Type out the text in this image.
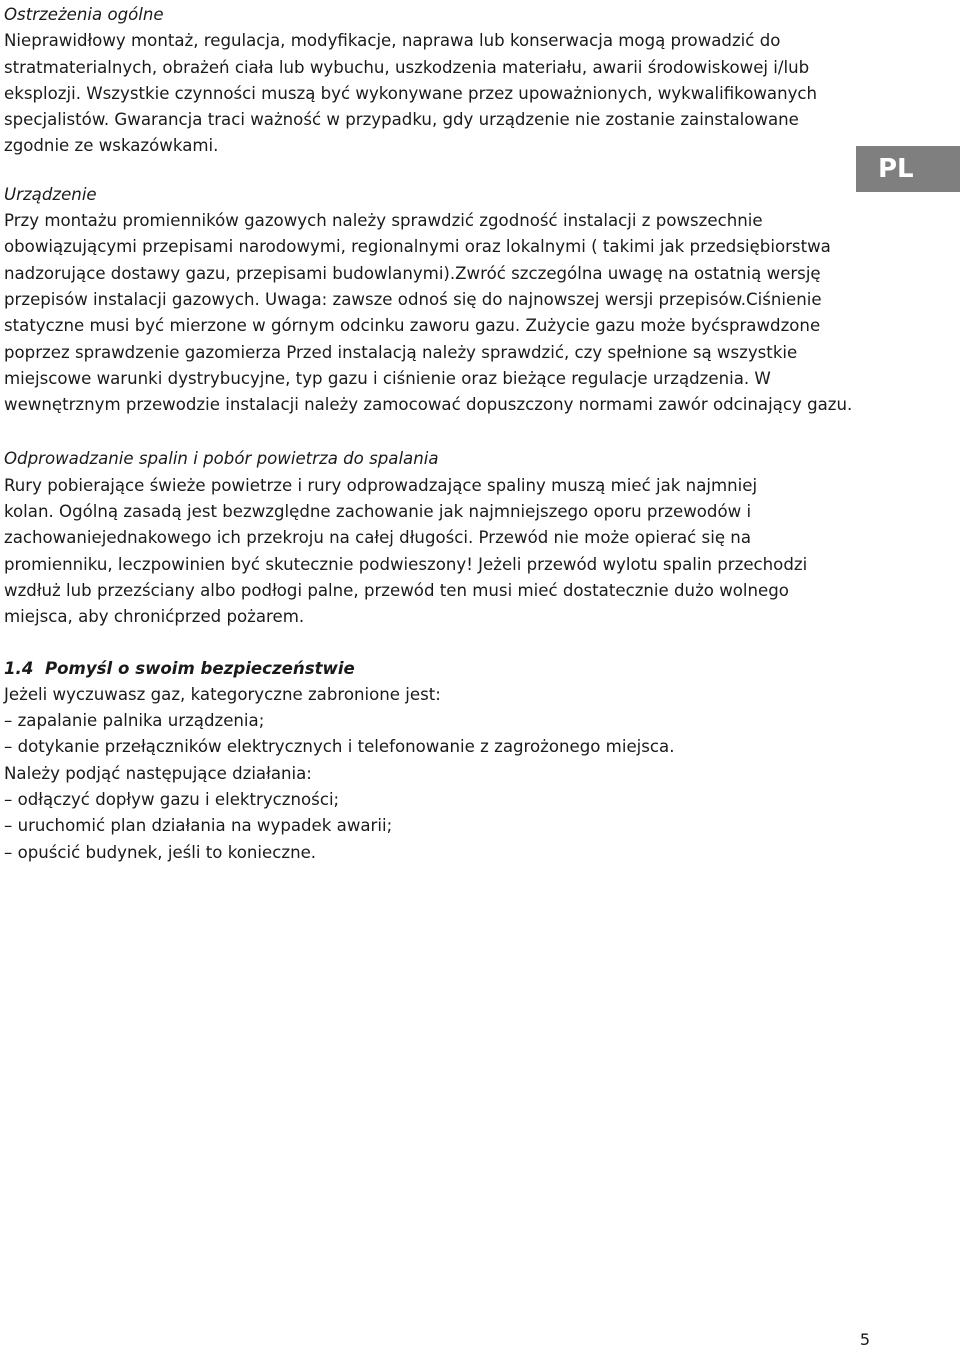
Ostrzeżenia ogólne
Nieprawidłowy montaż, regulacja, modyfikacje, naprawa lub konserwacja mogą prowadzić do
stratmaterialnych, obrażeń ciała lub wybuchu, uszkodzenia materiału, awarii środowiskowej i/lub
eksplozji. Wszystkie czynności muszą być wykonywane przez upoważnionych, wykwalifikowanych
specjalistów. Gwarancja traci ważność w przypadku, gdy urządzenie nie zostanie zainstalowane
zgodnie ze wskazówkami.
Urządzenie
Przy montażu promienników gazowych należy sprawdzić zgodność instalacji z powszechnie
obowiązującymi przepisami narodowymi, regionalnymi oraz lokalnymi ( takimi jak przedsiębiorstwa
nadzorujące dostawy gazu, przepisami budowlanymi).Zwróć szczególna uwagę na ostatnią wersję
przepisów instalacji gazowych. Uwaga: zawsze odnoś się do najnowszej wersji przepisów.Ciśnienie
statyczne musi być mierzone w górnym odcinku zaworu gazu. Zużycie gazu może byćsprawdzone
poprzez sprawdzenie gazomierza Przed instalacją należy sprawdzić, czy spełnione są wszystkie
miejscowe warunki dystrybucyjne, typ gazu i ciśnienie oraz bieżące regulacje urządzenia. W
wewnętrznym przewodzie instalacji należy zamocować dopuszczony normami zawór odcinający gazu.
Odprowadzanie spalin i pobór powietrza do spalania
Rury pobierające świeże powietrze i rury odprowadzające spaliny muszą mieć jak najmniej
kolan. Ogólną zasadą jest bezwzględne zachowanie jak najmniejszego oporu przewodów i
zachowaniejednakowego ich przekroju na całej długości. Przewód nie może opierać się na
promienniku, leczpowinien być skutecznie podwieszony! Jeżeli przewód wylotu spalin przechodzi
wzdłuż lub przezściany albo podłogi palne, przewód ten musi mieć dostatecznie dużo wolnego
miejsca, aby chronićprzed pożarem.
1.4 Pomyśl o swoim bezpieczeństwie
Jeżeli wyczuwasz gaz, kategoryczne zabronione jest:
– zapalanie palnika urządzenia;
– dotykanie przełączników elektrycznych i telefonowanie z zagrożonego miejsca.
Należy podjąć następujące działania:
– odłączyć dopływ gazu i elektryczności;
– uruchomić plan działania na wypadek awarii;
– opuścić budynek, jeśli to konieczne.
PL
5
